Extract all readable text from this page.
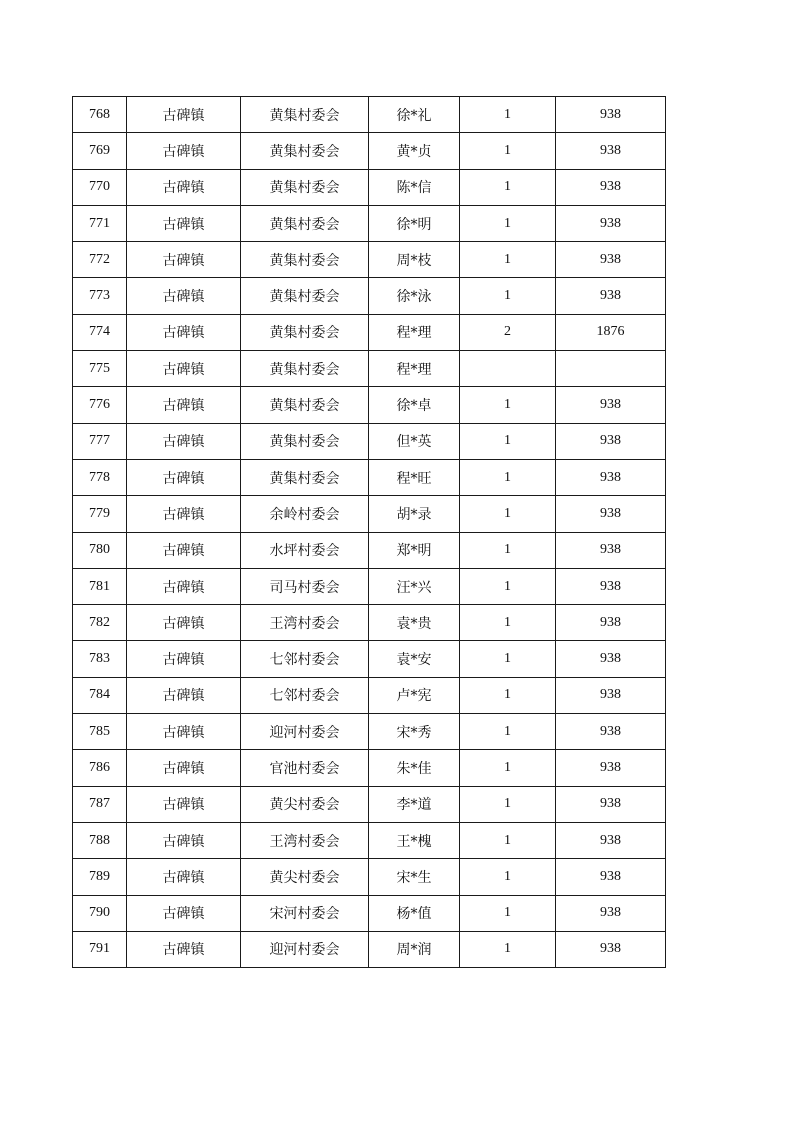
768	古碑镇	黄集村委会	徐*礼	1	938
769	古碑镇	黄集村委会	黄*贞	1	938
770	古碑镇	黄集村委会	陈*信	1	938
771	古碑镇	黄集村委会	徐*明	1	938
772	古碑镇	黄集村委会	周*枝	1	938
773	古碑镇	黄集村委会	徐*泳	1	938
774	古碑镇	黄集村委会	程*理	2	1876
775	古碑镇	黄集村委会	程*理		
776	古碑镇	黄集村委会	徐*卓	1	938
777	古碑镇	黄集村委会	但*英	1	938
778	古碑镇	黄集村委会	程*旺	1	938
779	古碑镇	余岭村委会	胡*录	1	938
780	古碑镇	水坪村委会	郑*明	1	938
781	古碑镇	司马村委会	汪*兴	1	938
782	古碑镇	王湾村委会	袁*贵	1	938
783	古碑镇	七邻村委会	袁*安	1	938
784	古碑镇	七邻村委会	卢*宪	1	938
785	古碑镇	迎河村委会	宋*秀	1	938
786	古碑镇	官池村委会	朱*佳	1	938
787	古碑镇	黄尖村委会	李*道	1	938
788	古碑镇	王湾村委会	王*槐	1	938
789	古碑镇	黄尖村委会	宋*生	1	938
790	古碑镇	宋河村委会	杨*值	1	938
791	古碑镇	迎河村委会	周*润	1	938
